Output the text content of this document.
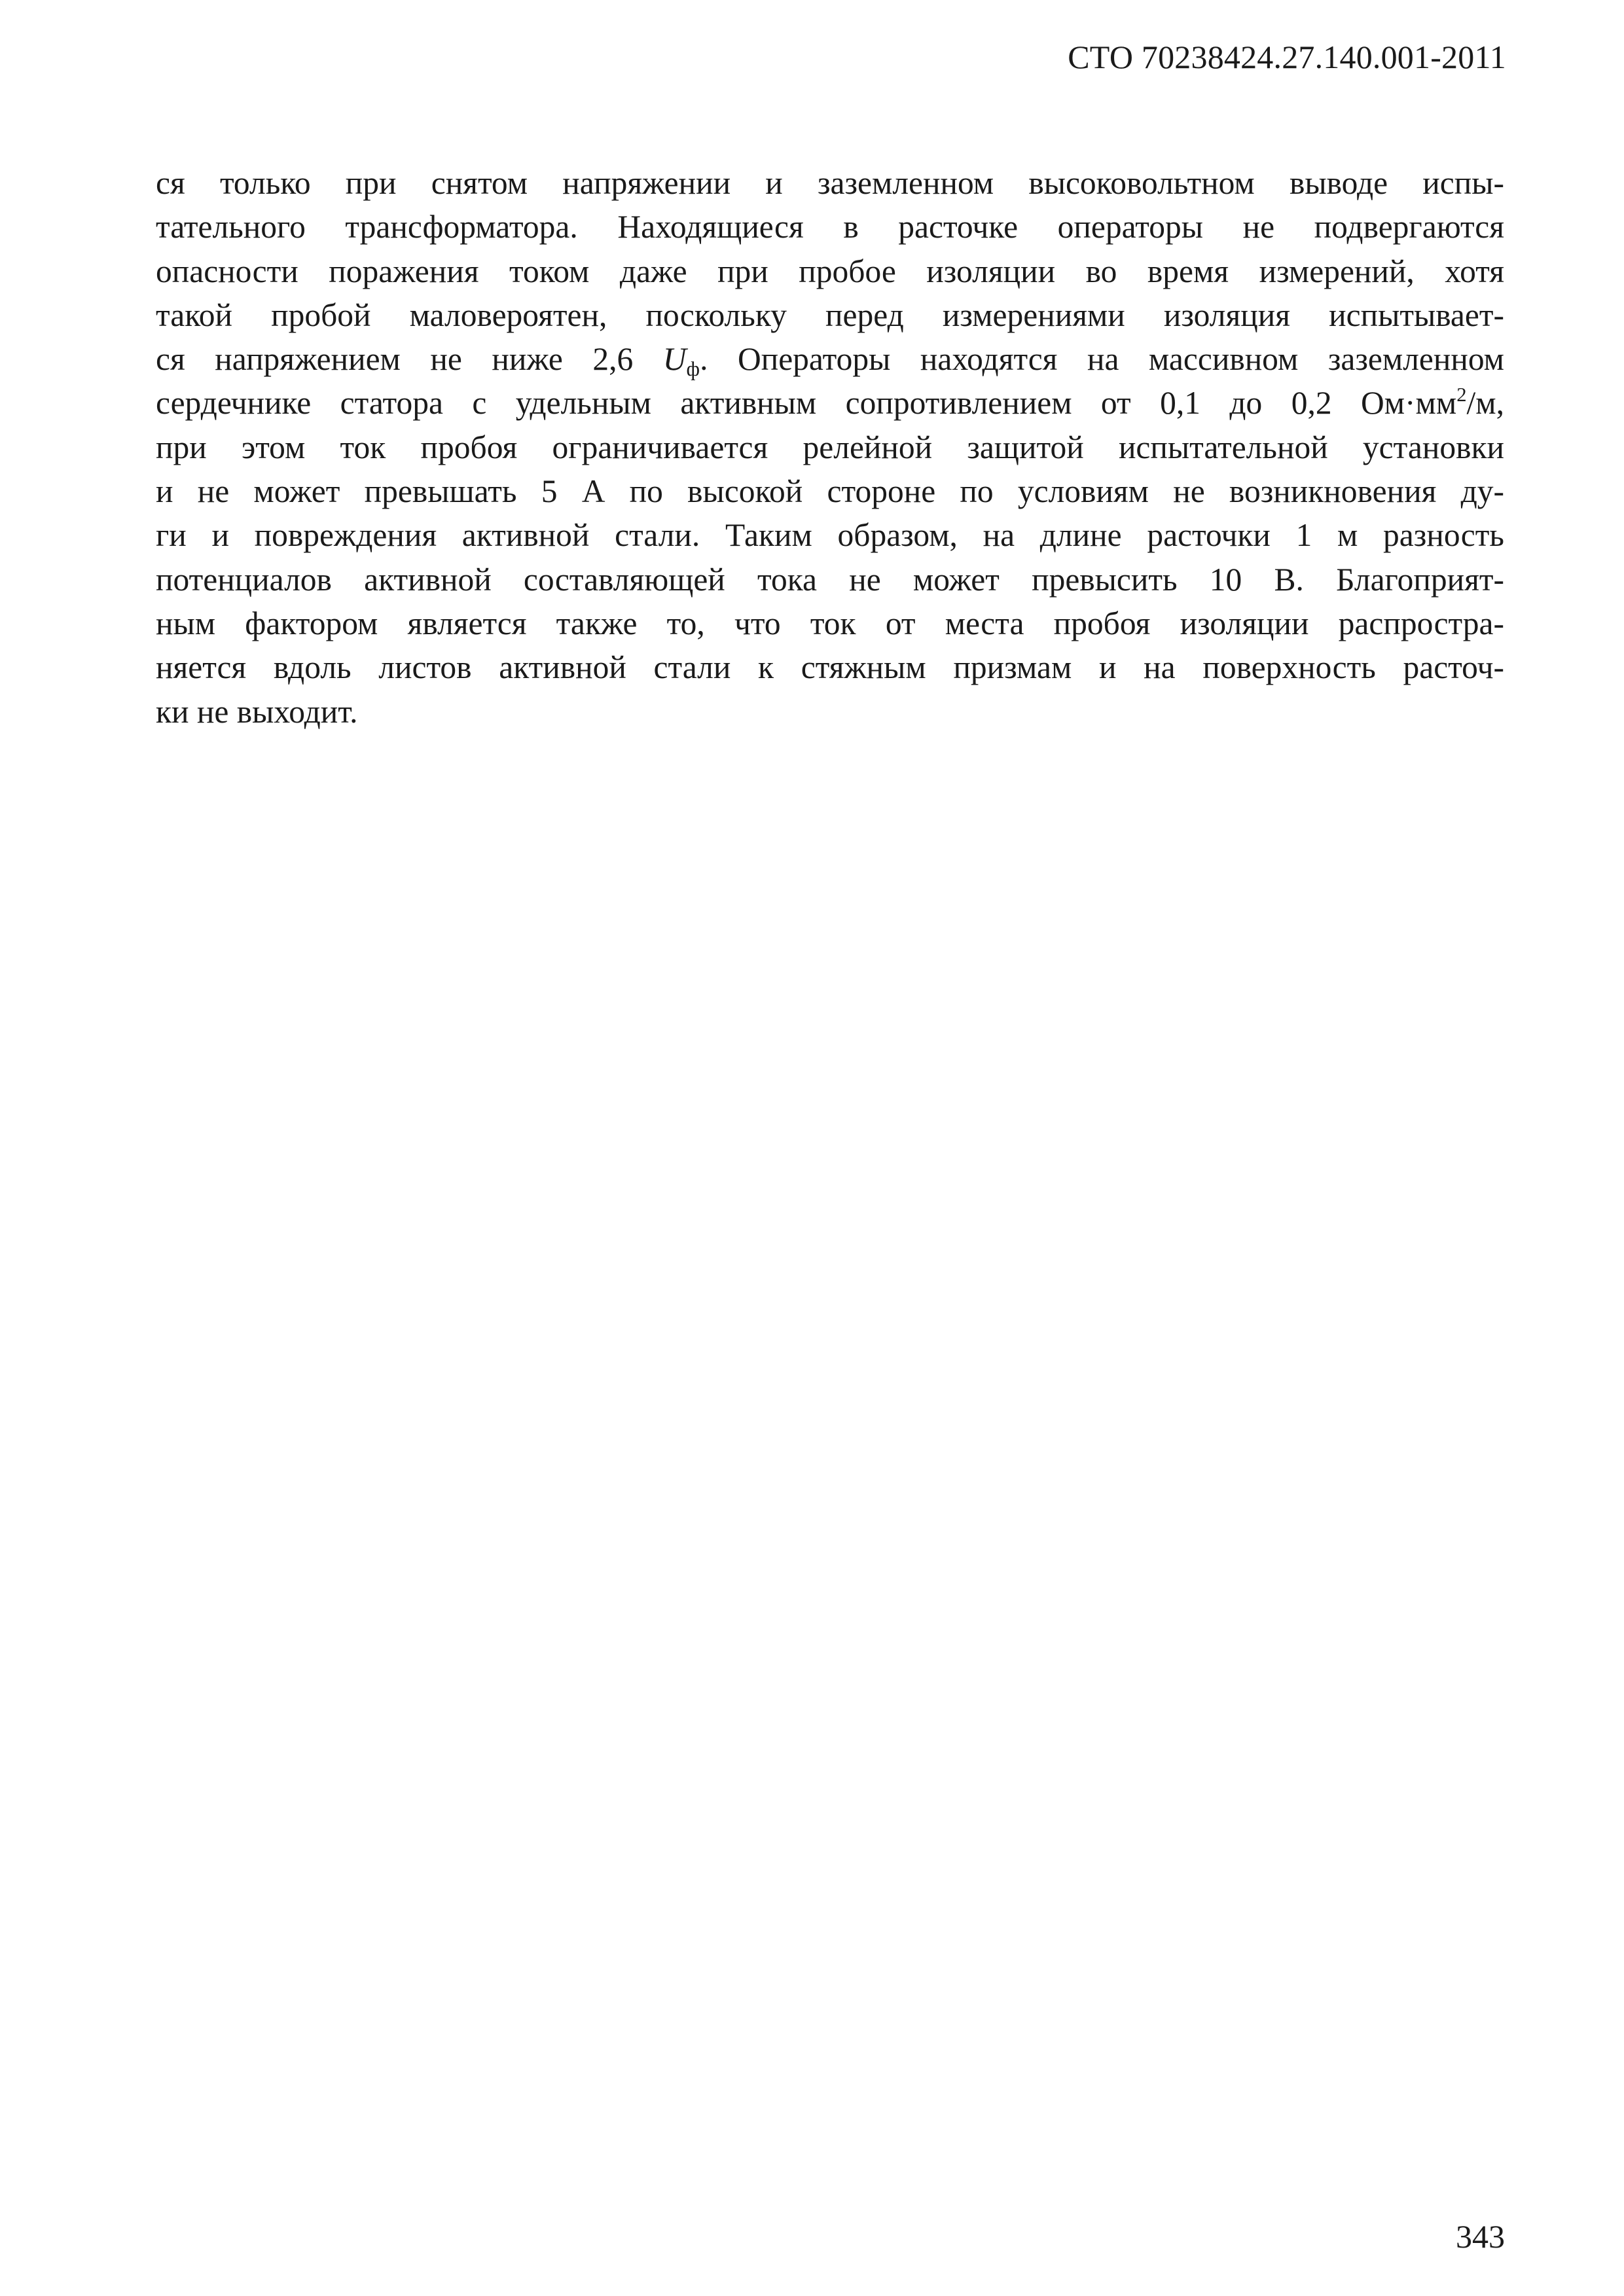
СТО 70238424.27.140.001-2011
ся только при снятом напряжении и заземленном высоковольтном выводе испы-
тательного трансформатора. Находящиеся в расточке операторы не подвергаются
опасности поражения током даже при пробое изоляции во время измерений, хотя
такой пробой маловероятен, поскольку перед измерениями изоляция испытывает-
ся напряжением не ниже 2,6 $U_ф$. Операторы находятся на массивном заземленном
сердечнике статора с удельным активным сопротивлением от 0,1 до 0,2 $Ом\cdot мм^2/м$,
при этом ток пробоя ограничивается релейной защитой испытательной установки
и не может превышать 5 А по высокой стороне по условиям не возникновения ду-
ги и повреждения активной стали. Таким образом, на длине расточки 1 м разность
потенциалов активной составляющей тока не может превысить 10 В. Благоприят-
ным фактором является также то, что ток от места пробоя изоляции распростра-
няется вдоль листов активной стали к стяжным призмам и на поверхность расточ-
ки не выходит.
343
